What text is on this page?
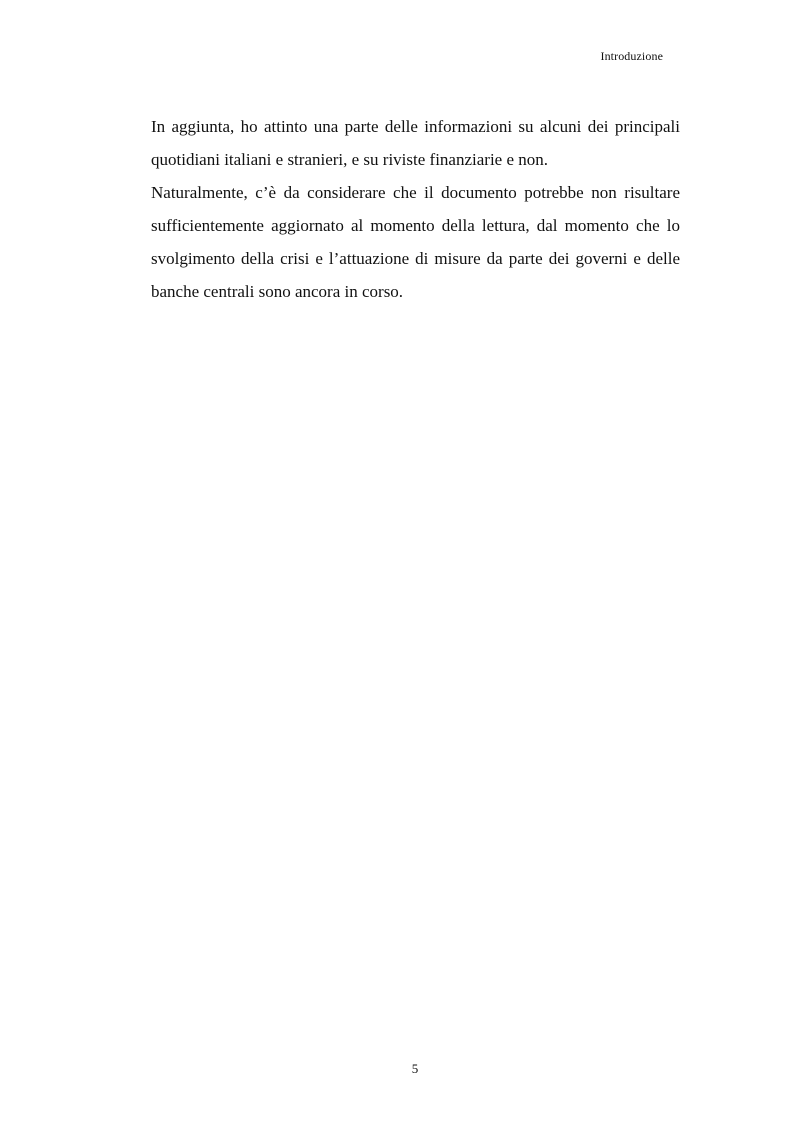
Introduzione

In aggiunta, ho attinto una parte delle informazioni su alcuni dei principali quotidiani italiani e stranieri, e su riviste finanziarie e non.

Naturalmente, c’è da considerare che il documento potrebbe non risultare sufficientemente aggiornato al momento della lettura, dal momento che lo svolgimento della crisi e l’attuazione di misure da parte dei governi e delle banche centrali sono ancora in corso.

5
